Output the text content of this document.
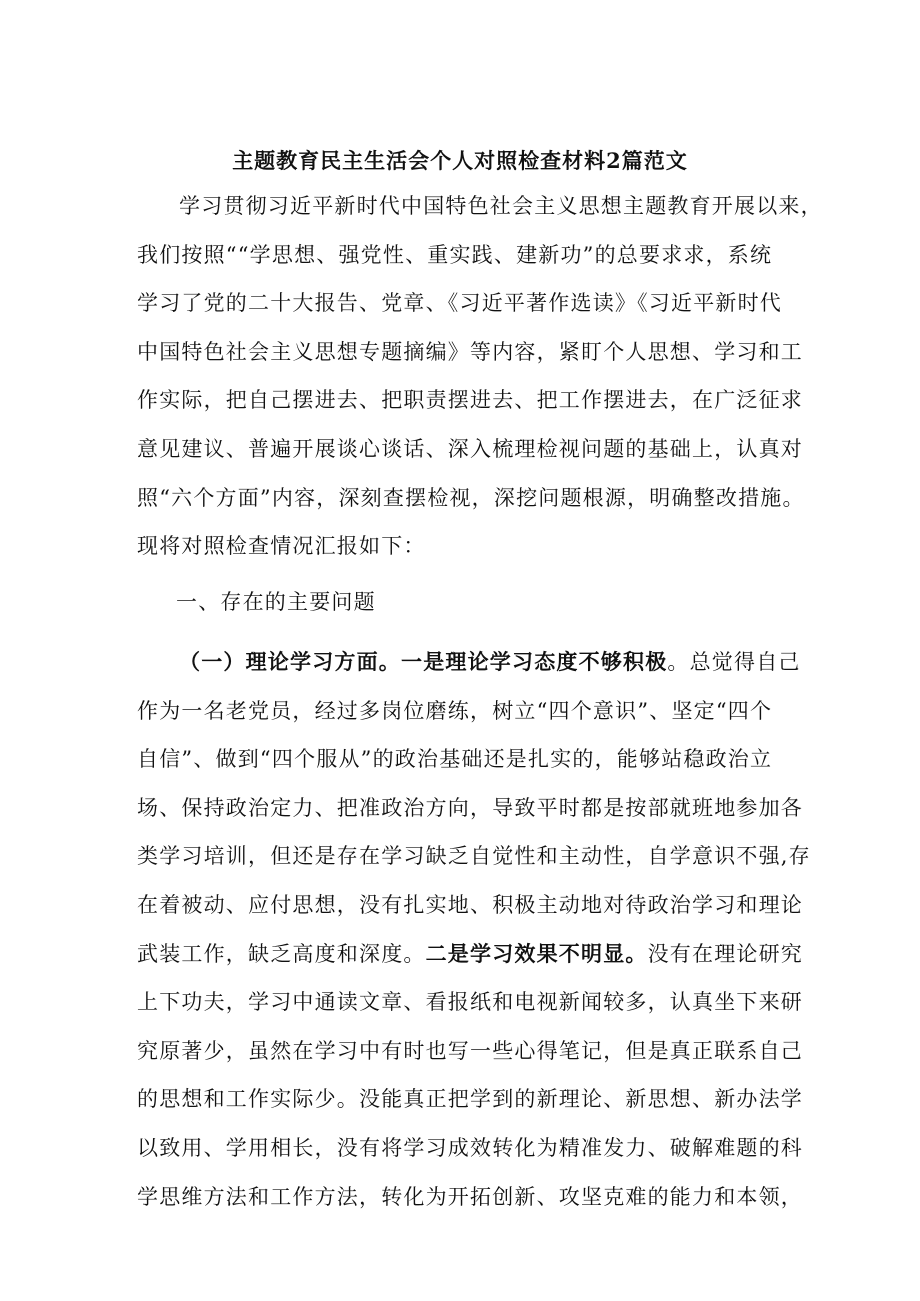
主题教育民主生活会个人对照检查材料2篇范文
学习贯彻习近平新时代中国特色社会主义思想主题教育开展以来，
我们按照““学思想、强党性、重实践、建新功”的总要求求，系统
学习了党的二十大报告、党章、《习近平著作选读》《习近平新时代
中国特色社会主义思想专题摘编》等内容，紧盯个人思想、学习和工
作实际，把自己摆进去、把职责摆进去、把工作摆进去，在广泛征求
意见建议、普遍开展谈心谈话、深入梳理检视问题的基础上，认真对
照“六个方面”内容，深刻查摆检视，深挖问题根源，明确整改措施。
现将对照检查情况汇报如下：
一、存在的主要问题
（一）理论学习方面。一是理论学习态度不够积极。总觉得自己
作为一名老党员，经过多岗位磨练，树立“四个意识”、坚定“四个
自信”、做到“四个服从”的政治基础还是扎实的，能够站稳政治立
场、保持政治定力、把准政治方向，导致平时都是按部就班地参加各
类学习培训，但还是存在学习缺乏自觉性和主动性，自学意识不强,存
在着被动、应付思想，没有扎实地、积极主动地对待政治学习和理论
武装工作，缺乏高度和深度。二是学习效果不明显。没有在理论研究
上下功夫，学习中通读文章、看报纸和电视新闻较多，认真坐下来研
究原著少，虽然在学习中有时也写一些心得笔记，但是真正联系自己
的思想和工作实际少。没能真正把学到的新理论、新思想、新办法学
以致用、学用相长，没有将学习成效转化为精准发力、破解难题的科
学思维方法和工作方法，转化为开拓创新、攻坚克难的能力和本领，
